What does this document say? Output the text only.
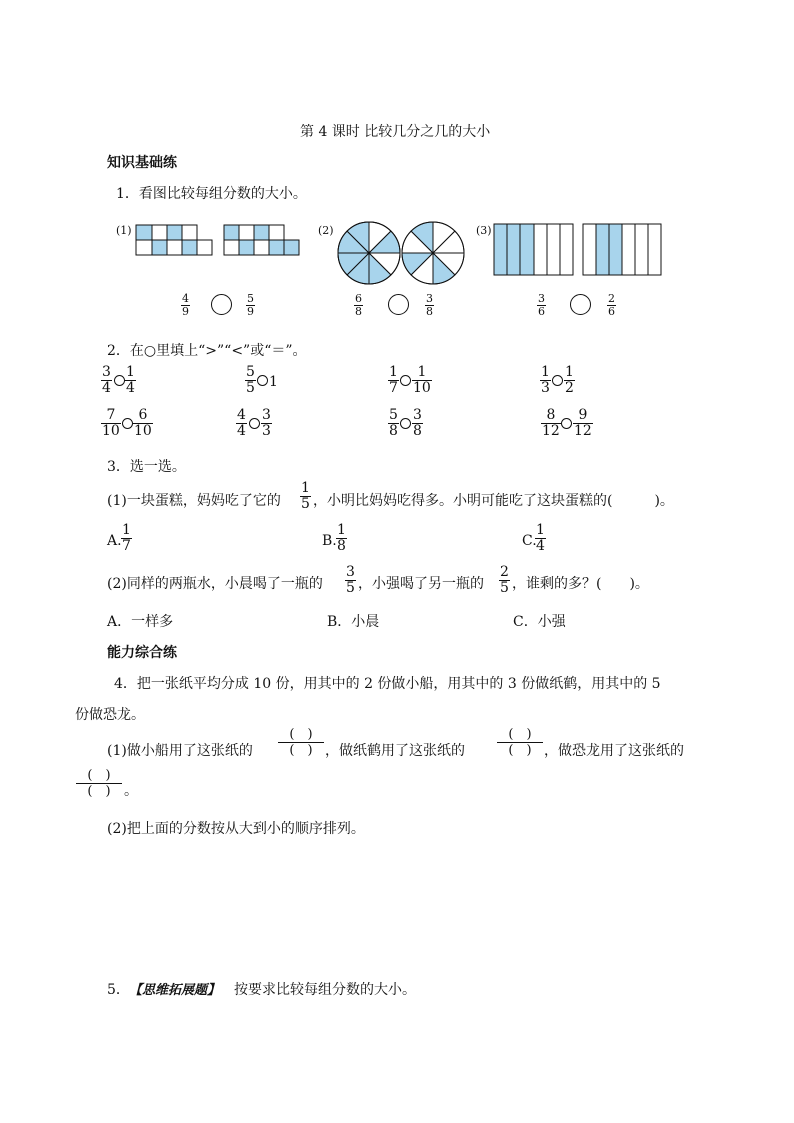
第 4 课时 比较几分之几的大小
知识基础练
1．看图比较每组分数的大小。
(1)	(2)	(3)
$\frac{4}{9}$	$\frac{5}{9}$	$\frac{6}{8}$	$\frac{3}{8}$	$\frac{3}{6}$	$\frac{2}{6}$
2．在○里填上“>”“<”或“＝”。
$\frac{3}{4} \frac{1}{4}$	$\frac{5}{5} 1$	$\frac{1}{7} \frac{1}{10}$	$\frac{1}{3} \frac{1}{2}$
$\frac{7}{10} \frac{6}{10}$	$\frac{4}{4} \frac{3}{3}$	$\frac{5}{8} \frac{3}{8}$	$\frac{8}{12} \frac{9}{12}$
3．选一选。
(1)一块蛋糕，妈妈吃了它的 $\frac{1}{5}$ ，小明比妈妈吃得多。小明可能吃了这块蛋糕的(　　　)。
A. $\frac{1}{7}$	B. $\frac{1}{8}$	C.
$\frac{1}{4}$
(2)同样的两瓶水，小晨喝了一瓶的 $\frac{3}{5}$ ，小强喝了另一瓶的 $\frac{2}{5}$ ，谁剩的多？(　　)。
A．一样多	B．小晨	C．小强
能力综合练
4．把一张纸平均分成 10 份，用其中的 2 份做小船，用其中的 3 份做纸鹤，用其中的 5
份做恐龙。
(1)做小船用了这张纸的
(　)
(　) ，做纸鹤用了这张纸的
(　)
(　) ，做恐龙用了这张纸的
(　)
(　) 。
(2)把上面的分数按从大到小的顺序排列。
5． 【思维拓展题】 按要求比较每组分数的大小。
